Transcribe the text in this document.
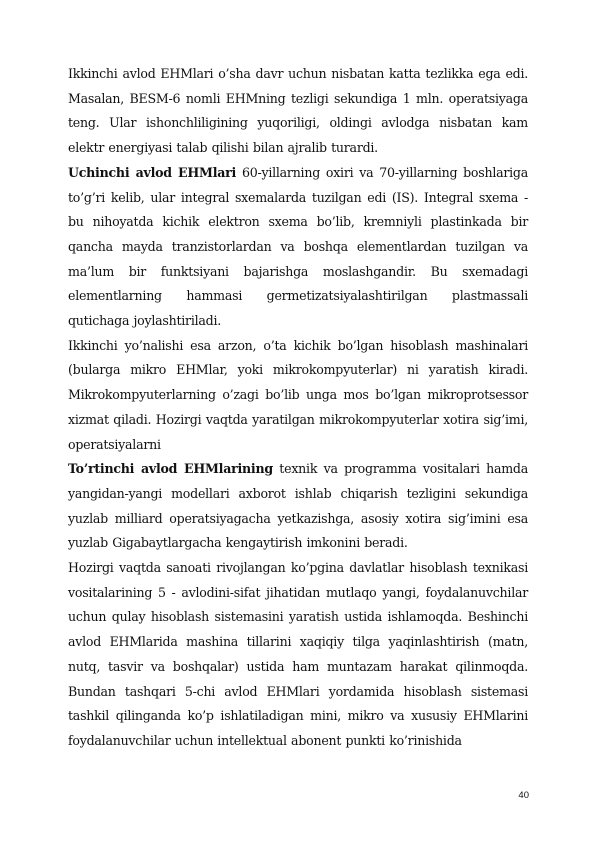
Ikkinchi avlod EHMlari o’sha davr uchun nisbatan katta tezlikka ega edi. Masalan, BESM-6 nomli EHMning tezligi sekundiga 1 mln. operatsiyaga teng. Ular ishonchliligining yuqoriligi, oldingi avlodga nisbatan kam elektr energiyasi talab qilishi bilan ajralib turardi.

Uchinchi avlod EHMlari 60-yillarning oxiri va 70-yillarning boshlariga to’g’ri kelib, ular integral sxemalarda tuzilgan edi (IS). Integral sxema - bu nihoyatda kichik elektron sxema bo’lib, kremniyli plastinkada bir qancha mayda tranzistorlardan va boshqa elementlardan tuzilgan va ma’lum bir funktsiyani bajarishga moslashgandir. Bu sxemadagi elementlarning hammasi germetizatsiyalashtirilgan plastmassali qutichaga joylashtiriladi.

Ikkinchi yo’nalishi esa arzon, o’ta kichik bo’lgan hisoblash mashinalari (bularga mikro EHMlar, yoki mikrokompyuterlar) ni yaratish kiradi. Mikrokompyuterlarning o’zagi bo’lib unga mos bo’lgan mikroprotsessor xizmat qiladi. Hozirgi vaqtda yaratilgan mikrokompyuterlar xotira sig’imi, operatsiyalarni

To’rtinchi avlod EHMlarining texnik va programma vositalari hamda yangidan-yangi modellari axborot ishlab chiqarish tezligini sekundiga yuzlab milliard operatsiyagacha yetkazishga, asosiy xotira sig’imini esa yuzlab Gigabaytlargacha kengaytirish imkonini beradi.

Hozirgi vaqtda sanoati rivojlangan ko’pgina davlatlar hisoblash texnikasi vositalarining 5 - avlodini-sifat jihatidan mutlaqo yangi, foydalanuvchilar uchun qulay hisoblash sistemasini yaratish ustida ishlamoqda. Beshinchi avlod EHMlarida mashina tillarini xaqiqiy tilga yaqinlashtirish (matn, nutq, tasvir va boshqalar) ustida ham muntazam harakat qilinmoqda. Bundan tashqari 5-chi avlod EHMlari yordamida hisoblash sistemasi tashkil qilinganda ko’p ishlatiladigan mini, mikro va xususiy EHMlarini foydalanuvchilar uchun intellektual abonent punkti ko’rinishida

40
